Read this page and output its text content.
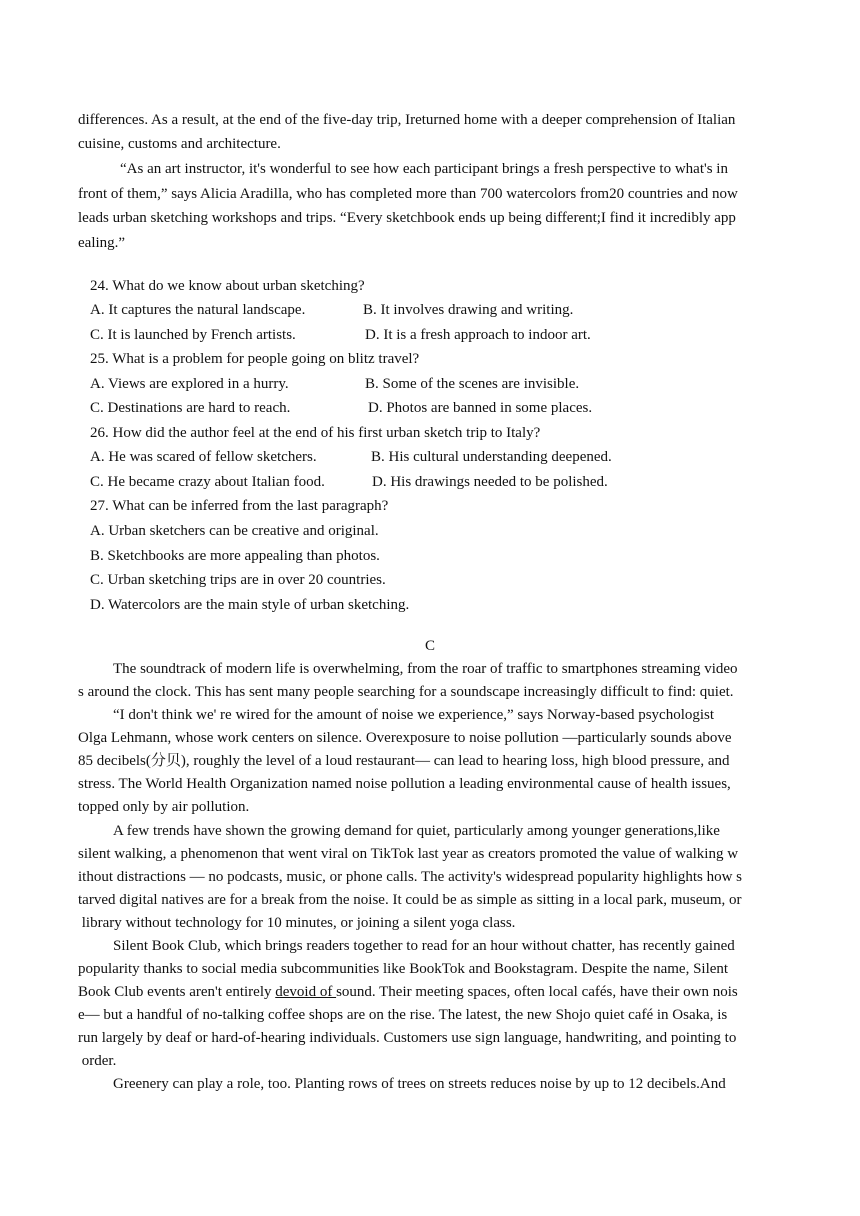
differences. As a result, at the end of the five-day trip, Ireturned home with a deeper comprehension of Italian
cuisine, customs and architecture.
“As an art instructor, it's wonderful to see how each participant brings a fresh perspective to what's in
front of them,” says Alicia Aradilla, who has completed more than 700 watercolors from20 countries and now
leads urban sketching workshops and trips. “Every sketchbook ends up being different;I find it incredibly app
ealing.”
24. What do we know about urban sketching?
A. It captures the natural landscape.	B. It involves drawing and writing.
C. It is launched by French artists.	D. It is a fresh approach to indoor art.
25. What is a problem for people going on blitz travel?
A. Views are explored in a hurry.	B. Some of the scenes are invisible.
C. Destinations are hard to reach.	D. Photos are banned in some places.
26. How did the author feel at the end of his first urban sketch trip to Italy?
A. He was scared of fellow sketchers.	B. His cultural understanding deepened.
C. He became crazy about Italian food.	D. His drawings needed to be polished.
27. What can be inferred from the last paragraph?
A. Urban sketchers can be creative and original.
B. Sketchbooks are more appealing than photos.
C. Urban sketching trips are in over 20 countries.
D. Watercolors are the main style of urban sketching.
C
The soundtrack of modern life is overwhelming, from the roar of traffic to smartphones streaming video
s around the clock. This has sent many people searching for a soundscape increasingly difficult to find: quiet.
“I don't think we' re wired for the amount of noise we experience,” says Norway-based psychologist
Olga Lehmann, whose work centers on silence. Overexposure to noise pollution —particularly sounds above
85 decibels(分贝), roughly the level of a loud restaurant— can lead to hearing loss, high blood pressure, and
stress. The World Health Organization named noise pollution a leading environmental cause of health issues,
topped only by air pollution.
A few trends have shown the growing demand for quiet, particularly among younger generations,like
silent walking, a phenomenon that went viral on TikTok last year as creators promoted the value of walking w
ithout distractions — no podcasts, music, or phone calls. The activity's widespread popularity highlights how s
tarved digital natives are for a break from the noise. It could be as simple as sitting in a local park, museum, or
library without technology for 10 minutes, or joining a silent yoga class.
Silent Book Club, which brings readers together to read for an hour without chatter, has recently gained
popularity thanks to social media subcommunities like BookTok and Bookstagram. Despite the name, Silent
Book Club events aren't entirely devoid of sound. Their meeting spaces, often local cafés, have their own nois
e— but a handful of no-talking coffee shops are on the rise. The latest, the new Shojo quiet café in Osaka, is
run largely by deaf or hard-of-hearing individuals. Customers use sign language, handwriting, and pointing to
order.
Greenery can play a role, too. Planting rows of trees on streets reduces noise by up to 12 decibels.And
